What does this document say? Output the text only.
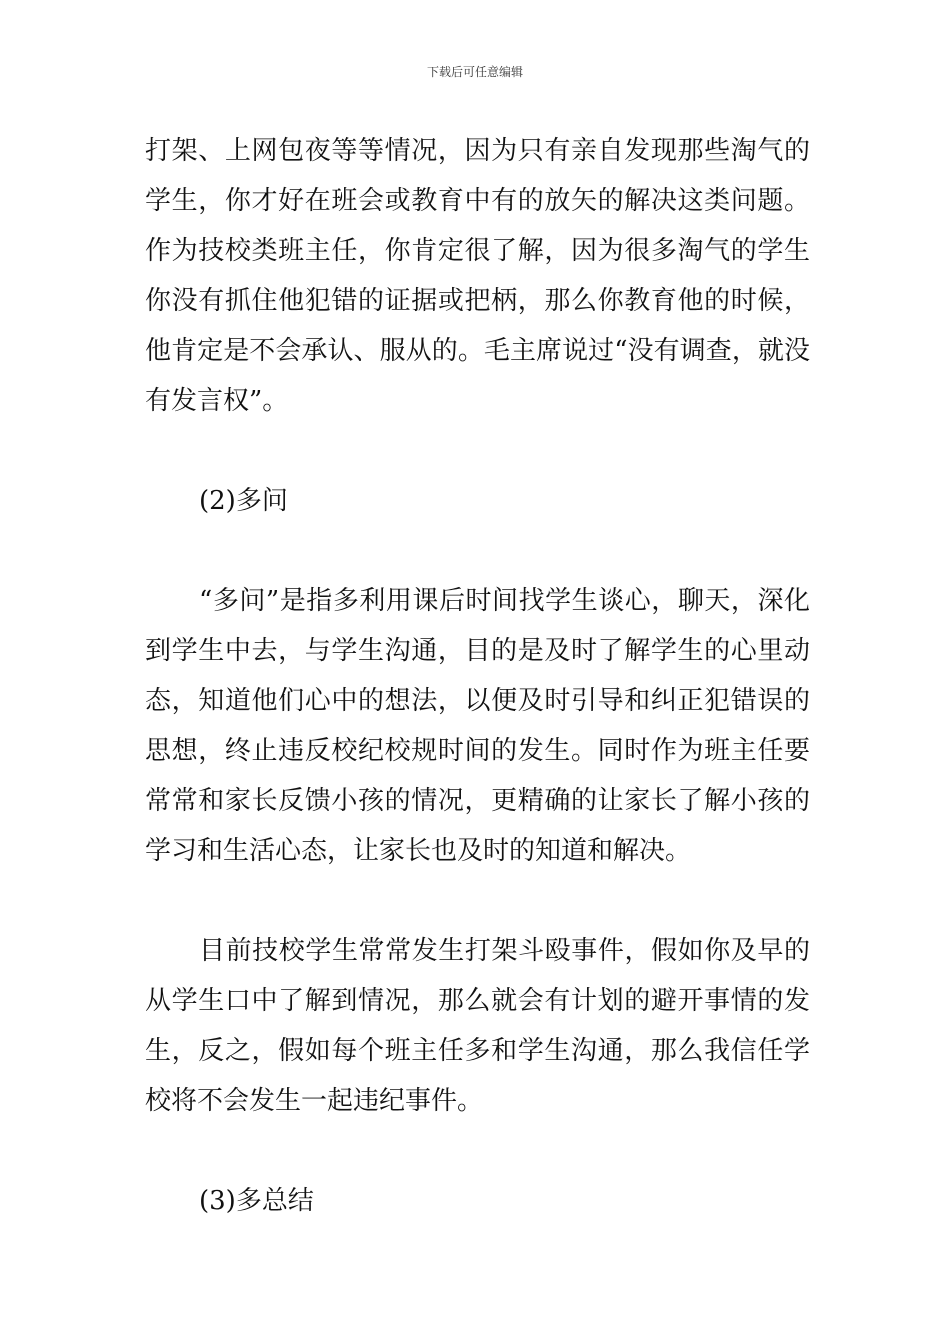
下载后可任意编辑

打架、上网包夜等等情况，因为只有亲自发现那些淘气的学生，你才好在班会或教育中有的放矢的解决这类问题。作为技校类班主任，你肯定很了解，因为很多淘气的学生你没有抓住他犯错的证据或把柄，那么你教育他的时候，他肯定是不会承认、服从的。毛主席说过“没有调查，就没有发言权”。

(2)多问

“多问”是指多利用课后时间找学生谈心，聊天，深化到学生中去，与学生沟通，目的是及时了解学生的心里动态，知道他们心中的想法，以便及时引导和纠正犯错误的思想，终止违反校纪校规时间的发生。同时作为班主任要常常和家长反馈小孩的情况，更精确的让家长了解小孩的学习和生活心态，让家长也及时的知道和解决。

目前技校学生常常发生打架斗殴事件，假如你及早的从学生口中了解到情况，那么就会有计划的避开事情的发生，反之，假如每个班主任多和学生沟通，那么我信任学校将不会发生一起违纪事件。

(3)多总结
